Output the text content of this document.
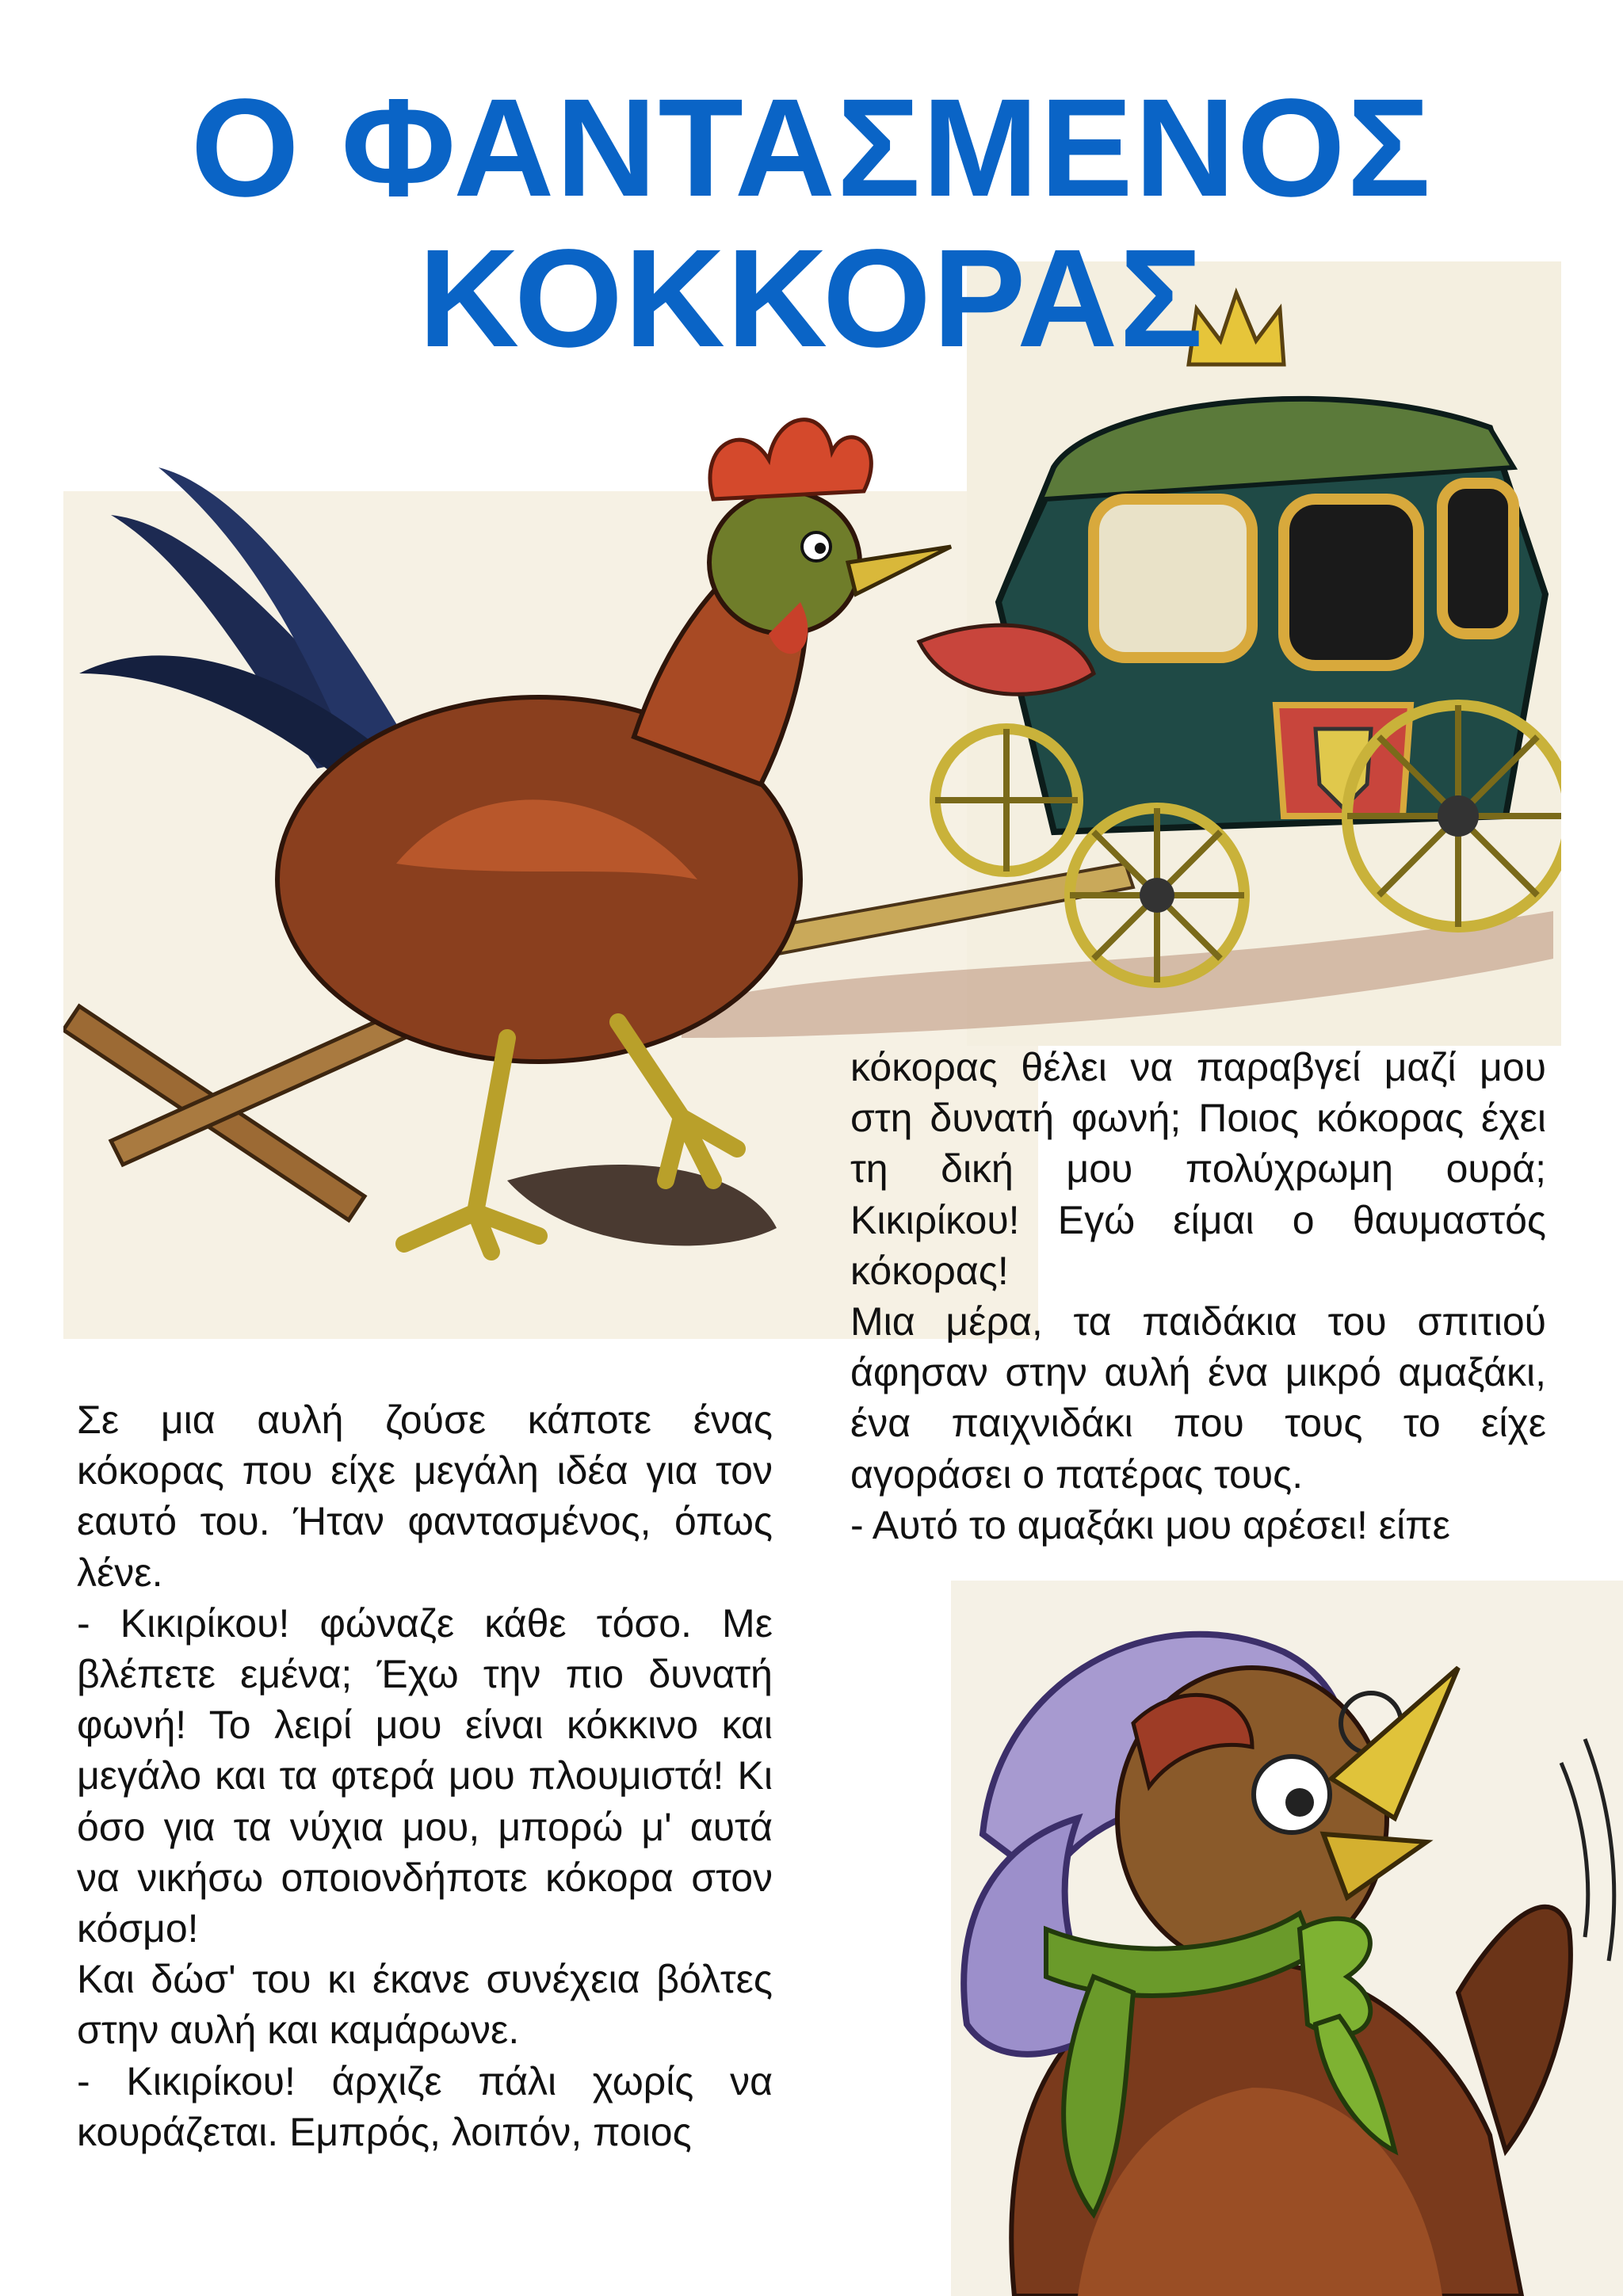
Ο ΦΑΝΤΑΣΜΕΝΟΣ
ΚΟΚΚΟΡΑΣ

Σε μια αυλή ζούσε κάποτε ένας κόκορας που είχε μεγάλη ιδέα για τον εαυτό του. Ήταν φαντασμένος, όπως λένε.

- Κικιρίκου! φώναζε κάθε τόσο. Με βλέπετε εμένα; Έχω την πιο δυνατή φωνή! Το λειρί μου είναι κόκκινο και μεγάλο και τα φτερά μου πλουμιστά! Κι όσο για τα νύχια μου, μπορώ μ' αυτά να νικήσω οποιονδήποτε κόκορα στον κόσμο!

Και δώσ' του κι έκανε συνέχεια βόλτες στην αυλή και καμάρωνε.

- Κικιρίκου! άρχιζε πάλι χωρίς να κουράζεται. Εμπρός, λοιπόν, ποιος

κόκορας θέλει να παραβγεί μαζί μου στη δυνατή φωνή; Ποιος κόκορας έχει τη δική μου πολύχρωμη ουρά; Κικιρίκου! Εγώ είμαι ο θαυμαστός κόκορας!

Μια μέρα, τα παιδάκια του σπιτιού άφησαν στην αυλή ένα μικρό αμαξάκι, ένα παιχνιδάκι που τους το είχε αγοράσει ο πατέρας τους.

- Αυτό το αμαξάκι μου αρέσει! είπε
